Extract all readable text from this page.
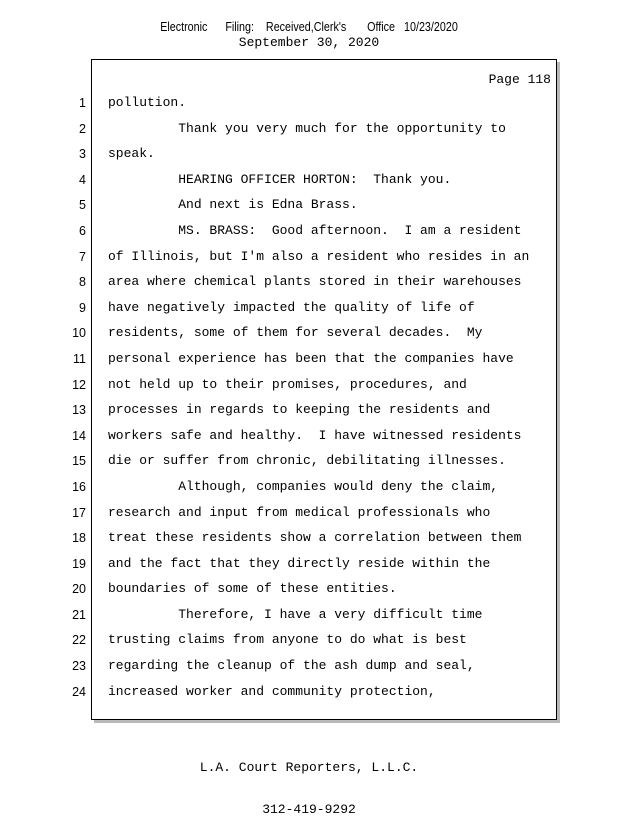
Electronic      Filing:    Received,Clerk's       Office   10/23/2020
September 30, 2020
Page 118
1
2
3
4
5
6
7
8
9
10
11
12
13
14
15
16
17
18
19
20
21
22
23
24
pollution.
Thank you very much for the opportunity to
speak.
HEARING OFFICER HORTON:  Thank you.
And next is Edna Brass.
MS. BRASS:  Good afternoon.  I am a resident
of Illinois, but I'm also a resident who resides in an
area where chemical plants stored in their warehouses
have negatively impacted the quality of life of
residents, some of them for several decades.  My
personal experience has been that the companies have
not held up to their promises, procedures, and
processes in regards to keeping the residents and
workers safe and healthy.  I have witnessed residents
die or suffer from chronic, debilitating illnesses.
Although, companies would deny the claim,
research and input from medical professionals who
treat these residents show a correlation between them
and the fact that they directly reside within the
boundaries of some of these entities.
Therefore, I have a very difficult time
trusting claims from anyone to do what is best
regarding the cleanup of the ash dump and seal,
increased worker and community protection,

L.A. Court Reporters, L.L.C.

312-419-9292
